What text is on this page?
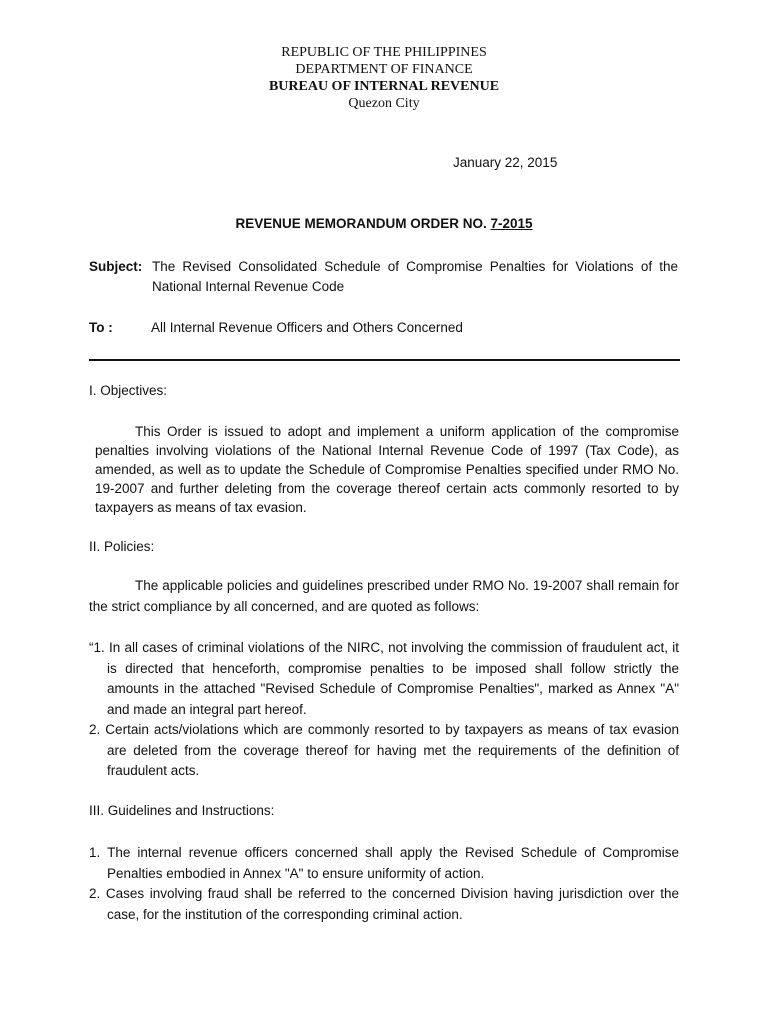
REPUBLIC OF THE PHILIPPINES
DEPARTMENT OF FINANCE
BUREAU OF INTERNAL REVENUE
Quezon City
January 22, 2015
REVENUE MEMORANDUM ORDER NO. 7-2015
Subject: The Revised Consolidated Schedule of Compromise Penalties for Violations of the National Internal Revenue Code
To :	All Internal Revenue Officers and Others Concerned
I. Objectives:
This Order is issued to adopt and implement a uniform application of the compromise penalties involving violations of the National Internal Revenue Code of 1997 (Tax Code), as amended, as well as to update the Schedule of Compromise Penalties specified under RMO No. 19-2007 and further deleting from the coverage thereof certain acts commonly resorted to by taxpayers as means of tax evasion.
II. Policies:
The applicable policies and guidelines prescribed under RMO No. 19-2007 shall remain for the strict compliance by all concerned, and are quoted as follows:
“1. In all cases of criminal violations of the NIRC, not involving the commission of fraudulent act, it is directed that henceforth, compromise penalties to be imposed shall follow strictly the amounts in the attached "Revised Schedule of Compromise Penalties", marked as Annex "A" and made an integral part hereof.
2. Certain acts/violations which are commonly resorted to by taxpayers as means of tax evasion are deleted from the coverage thereof for having met the requirements of the definition of fraudulent acts.
III. Guidelines and Instructions:
1. The internal revenue officers concerned shall apply the Revised Schedule of Compromise Penalties embodied in Annex "A" to ensure uniformity of action.
2. Cases involving fraud shall be referred to the concerned Division having jurisdiction over the case, for the institution of the corresponding criminal action.
